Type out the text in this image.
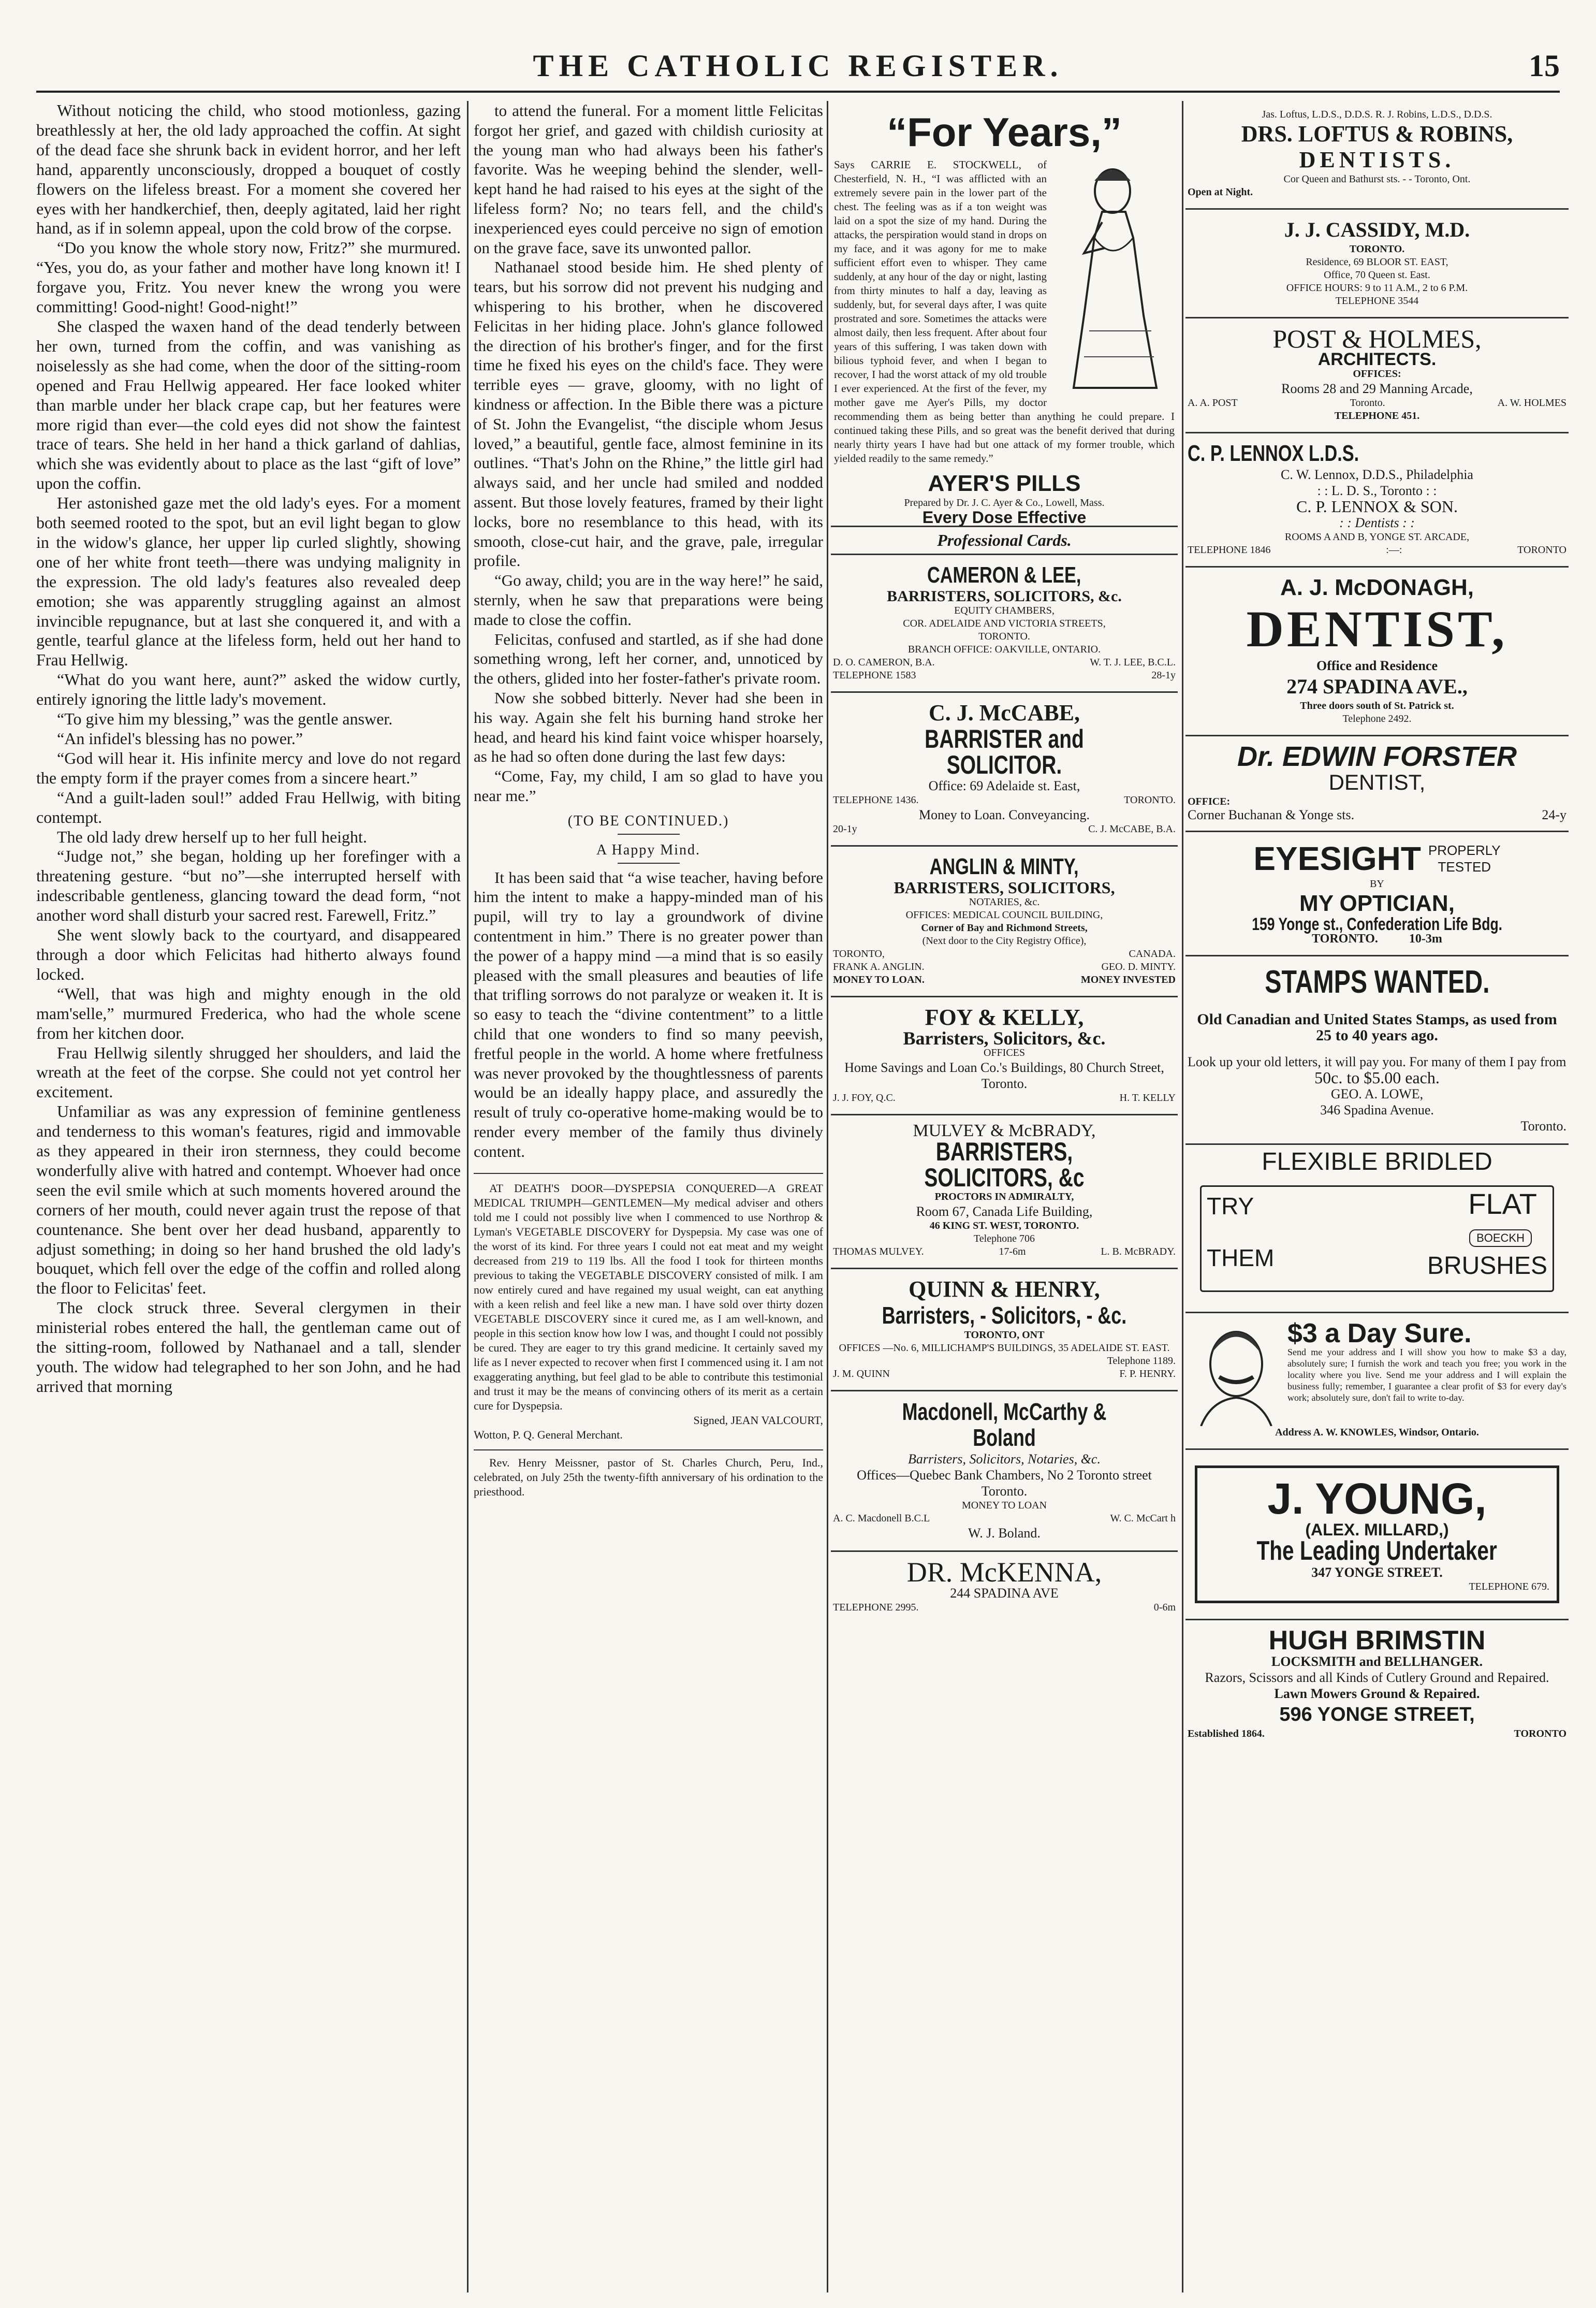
THE CATHOLIC REGISTER.	15

Without noticing the child, who stood motionless, gazing breathlessly at her, the old lady approached the coffin. At sight of the dead face she shrunk back in evident horror, and her left hand, apparently unconsciously, dropped a bouquet of costly flowers on the lifeless breast. For a moment she covered her eyes with her handkerchief, then, deeply agitated, laid her right hand, as if in solemn appeal, upon the cold brow of the corpse.

“Do you know the whole story now, Fritz?” she murmured. “Yes, you do, as your father and mother have long known it! I forgave you, Fritz. You never knew the wrong you were committing! Good-night! Good-night!”

She clasped the waxen hand of the dead tenderly between her own, turned from the coffin, and was vanishing as noiselessly as she had come, when the door of the sitting-room opened and Frau Hellwig appeared. Her face looked whiter than marble under her black crape cap, but her features were more rigid than ever—the cold eyes did not show the faintest trace of tears. She held in her hand a thick garland of dahlias, which she was evidently about to place as the last “gift of love” upon the coffin.

Her astonished gaze met the old lady's eyes. For a moment both seemed rooted to the spot, but an evil light began to glow in the widow's glance, her upper lip curled slightly, showing one of her white front teeth—there was undying malignity in the expression. The old lady's features also revealed deep emotion; she was apparently struggling against an almost invincible repugnance, but at last she conquered it, and with a gentle, tearful glance at the lifeless form, held out her hand to Frau Hellwig.

“What do you want here, aunt?” asked the widow curtly, entirely ignoring the little lady's movement.

“To give him my blessing,” was the gentle answer.

“An infidel's blessing has no power.”

“God will hear it. His infinite mercy and love do not regard the empty form if the prayer comes from a sincere heart.”

“And a guilt-laden soul!” added Frau Hellwig, with biting contempt.

The old lady drew herself up to her full height.

“Judge not,” she began, holding up her forefinger with a threatening gesture. “but no”—she interrupted herself with indescribable gentleness, glancing toward the dead form, “not another word shall disturb your sacred rest. Farewell, Fritz.”

She went slowly back to the courtyard, and disappeared through a door which Felicitas had hitherto always found locked.

“Well, that was high and mighty enough in the old mam'selle,” murmured Frederica, who had the whole scene from her kitchen door.

Frau Hellwig silently shrugged her shoulders, and laid the wreath at the feet of the corpse. She could not yet control her excitement.

Unfamiliar as was any expression of feminine gentleness and tenderness to this woman's features, rigid and immovable as they appeared in their iron sternness, they could become wonderfully alive with hatred and contempt. Whoever had once seen the evil smile which at such moments hovered around the corners of her mouth, could never again trust the repose of that countenance. She bent over her dead husband, apparently to adjust something; in doing so her hand brushed the old lady's bouquet, which fell over the edge of the coffin and rolled along the floor to Felicitas' feet.

The clock struck three. Several clergymen in their ministerial robes entered the hall, the gentleman came out of the sitting-room, followed by Nathanael and a tall, slender youth. The widow had telegraphed to her son John, and he had arrived that morning

to attend the funeral. For a moment little Felicitas forgot her grief, and gazed with childish curiosity at the young man who had always been his father's favorite. Was he weeping behind the slender, well-kept hand he had raised to his eyes at the sight of the lifeless form? No; no tears fell, and the child's inexperienced eyes could perceive no sign of emotion on the grave face, save its unwonted pallor.

Nathanael stood beside him. He shed plenty of tears, but his sorrow did not prevent his nudging and whispering to his brother, when he discovered Felicitas in her hiding place. John's glance followed the direction of his brother's finger, and for the first time he fixed his eyes on the child's face. They were terrible eyes — grave, gloomy, with no light of kindness or affection. In the Bible there was a picture of St. John the Evangelist, “the disciple whom Jesus loved,” a beautiful, gentle face, almost feminine in its outlines. “That's John on the Rhine,” the little girl had always said, and her uncle had smiled and nodded assent. But those lovely features, framed by their light locks, bore no resemblance to this head, with its smooth, close-cut hair, and the grave, pale, irregular profile.

“Go away, child; you are in the way here!” he said, sternly, when he saw that preparations were being made to close the coffin.

Felicitas, confused and startled, as if she had done something wrong, left her corner, and, unnoticed by the others, glided into her foster-father's private room.

Now she sobbed bitterly. Never had she been in his way. Again she felt his burning hand stroke her head, and heard his kind faint voice whisper hoarsely, as he had so often done during the last few days:

“Come, Fay, my child, I am so glad to have you near me.”

(TO BE CONTINUED.)
A Happy Mind.

It has been said that “a wise teacher, having before him the intent to make a happy-minded man of his pupil, will try to lay a groundwork of divine contentment in him.” There is no greater power than the power of a happy mind —a mind that is so easily pleased with the small pleasures and beauties of life that trifling sorrows do not paralyze or weaken it. It is so easy to teach the “divine contentment” to a little child that one wonders to find so many peevish, fretful people in the world. A home where fretfulness was never provoked by the thoughtlessness of parents would be an ideally happy place, and assuredly the result of truly co-operative home-making would be to render every member of the family thus divinely content.

AT DEATH'S DOOR—DYSPEPSIA CONQUERED—A GREAT MEDICAL TRIUMPH—GENTLEMEN—My medical adviser and others told me I could not possibly live when I commenced to use Northrop & Lyman's VEGETABLE DISCOVERY for Dyspepsia. My case was one of the worst of its kind. For three years I could not eat meat and my weight decreased from 219 to 119 lbs. All the food I took for thirteen months previous to taking the VEGETABLE DISCOVERY consisted of milk. I am now entirely cured and have regained my usual weight, can eat anything with a keen relish and feel like a new man. I have sold over thirty dozen VEGETABLE DISCOVERY since it cured me, as I am well-known, and people in this section know how low I was, and thought I could not possibly be cured. They are eager to try this grand medicine. It certainly saved my life as I never expected to recover when first I commenced using it. I am not exaggerating anything, but feel glad to be able to contribute this testimonial and trust it may be the means of convincing others of its merit as a certain cure for Dyspepsia.

Signed, JEAN VALCOURT,
Wotton, P. Q. General Merchant.

Rev. Henry Meissner, pastor of St. Charles Church, Peru, Ind., celebrated, on July 25th the twenty-fifth anniversary of his ordination to the priesthood.

“For Years,”

Says CARRIE E. STOCKWELL, of Chesterfield, N. H., “I was afflicted with an extremely severe pain in the lower part of the chest. The feeling was as if a ton weight was laid on a spot the size of my hand. During the attacks, the perspiration would stand in drops on my face, and it was agony for me to make sufficient effort even to whisper. They came suddenly, at any hour of the day or night, lasting from thirty minutes to half a day, leaving as suddenly, but, for several days after, I was quite prostrated and sore. Sometimes the attacks were almost daily, then less frequent. After about four years of this suffering, I was taken down with bilious typhoid fever, and when I began to recover, I had the worst attack of my old trouble I ever experienced. At the first of the fever, my mother gave me Ayer's Pills, my doctor recommending them as being better than anything he could prepare. I continued taking these Pills, and so great was the benefit derived that during nearly thirty years I have had but one attack of my former trouble, which yielded readily to the same remedy.”

AYER'S PILLS
Prepared by Dr. J. C. Ayer & Co., Lowell, Mass.
Every Dose Effective
Professional Cards.
CAMERON & LEE,
BARRISTERS, SOLICITORS, &c.
EQUITY CHAMBERS,
COR. ADELAIDE AND VICTORIA STREETS,
TORONTO.
BRANCH OFFICE: OAKVILLE, ONTARIO.
D. O. CAMERON, B.A.	W. T. J. LEE, B.C.L.
TELEPHONE 1583	28-1y
C. J. McCABE,
BARRISTER and SOLICITOR.
Office: 69 Adelaide st. East,
TELEPHONE 1436.	TORONTO.
Money to Loan. Conveyancing.
20-1y	C. J. McCABE, B.A.
ANGLIN & MINTY,
BARRISTERS, SOLICITORS,
NOTARIES, &c.
OFFICES: MEDICAL COUNCIL BUILDING,
Corner of Bay and Richmond Streets,
(Next door to the City Registry Office),
TORONTO,	CANADA.
FRANK A. ANGLIN.	GEO. D. MINTY.
MONEY TO LOAN.	MONEY INVESTED
FOY & KELLY,
Barristers, Solicitors, &c.
OFFICES
Home Savings and Loan Co.'s Buildings, 80 Church Street, Toronto.
J. J. FOY, Q.C.	H. T. KELLY
MULVEY & McBRADY,
BARRISTERS, SOLICITORS, &c
PROCTORS IN ADMIRALTY,
Room 67, Canada Life Building,
46 KING ST. WEST, TORONTO.
Telephone 706
THOMAS MULVEY.	17-6m	L. B. McBRADY.
QUINN & HENRY,
Barristers, - Solicitors, - &c.
TORONTO, ONT
OFFICES —No. 6, MILLICHAMP'S BUILDINGS, 35 ADELAIDE ST. EAST.
Telephone 1189.
J. M. QUINN	F. P. HENRY.
Macdonell, McCarthy & Boland
Barristers, Solicitors, Notaries, &c.
Offices—Quebec Bank Chambers, No 2 Toronto street
Toronto.
MONEY TO LOAN
A. C. Macdonell B.C.L	W. C. McCart h
W. J. Boland.
DR. McKENNA,
244 SPADINA AVE
TELEPHONE 2995.	0-6m
Jas. Loftus, L.D.S., D.D.S. R. J. Robins, L.D.S., D.D.S.
DRS. LOFTUS & ROBINS,
DENTISTS.
Cor Queen and Bathurst sts. - - Toronto, Ont.
Open at Night.
J. J. CASSIDY, M.D.
TORONTO.
Residence, 69 BLOOR ST. EAST,
Office, 70 Queen st. East.
OFFICE HOURS: 9 to 11 A.M., 2 to 6 P.M.
TELEPHONE 3544
POST & HOLMES,
ARCHITECTS.
OFFICES:
Rooms 28 and 29 Manning Arcade,
A. A. POST	Toronto.	A. W. HOLMES
TELEPHONE 451.
C. P. LENNOX L.D.S.
C. W. Lennox, D.D.S., Philadelphia
: : L. D. S., Toronto : :
C. P. LENNOX & SON.
: : Dentists : :
ROOMS A AND B, YONGE ST. ARCADE,
TELEPHONE 1846	:—:	TORONTO
A. J. McDONAGH,
DENTIST,
Office and Residence
274 SPADINA AVE.,
Three doors south of St. Patrick st.
Telephone 2492.
Dr. EDWIN FORSTER
DENTIST,
OFFICE:
Corner Buchanan & Yonge sts.	24-y
EYESIGHT PROPERLY
TESTED
BY
MY OPTICIAN,
159 Yonge st., Confederation Life Bdg.
TORONTO.	10-3m
STAMPS WANTED.
Old Canadian and United States Stamps, as used from 25 to 40 years ago.
Look up your old letters, it will pay you. For many of them I pay from
50c. to $5.00 each.
GEO. A. LOWE,
346 Spadina Avenue.
Toronto.
FLEXIBLE BRIDLED
TRY
THEM
FLAT
BOECKH
BRUSHES
$3 a Day Sure.
Send me your address and I will show you how to make $3 a day, absolutely sure; I furnish the work and teach you free; you work in the locality where you live. Send me your address and I will explain the business fully; remember, I guarantee a clear profit of $3 for every day's work; absolutely sure, don't fail to write to-day.
Address A. W. KNOWLES, Windsor, Ontario.
J. YOUNG,
(ALEX. MILLARD,)
The Leading Undertaker
347 YONGE STREET.
TELEPHONE 679.
HUGH BRIMSTIN
LOCKSMITH and BELLHANGER.
Razors, Scissors and all Kinds of Cutlery Ground and Repaired.
Lawn Mowers Ground & Repaired.
596 YONGE STREET,
Established 1864.	TORONTO
